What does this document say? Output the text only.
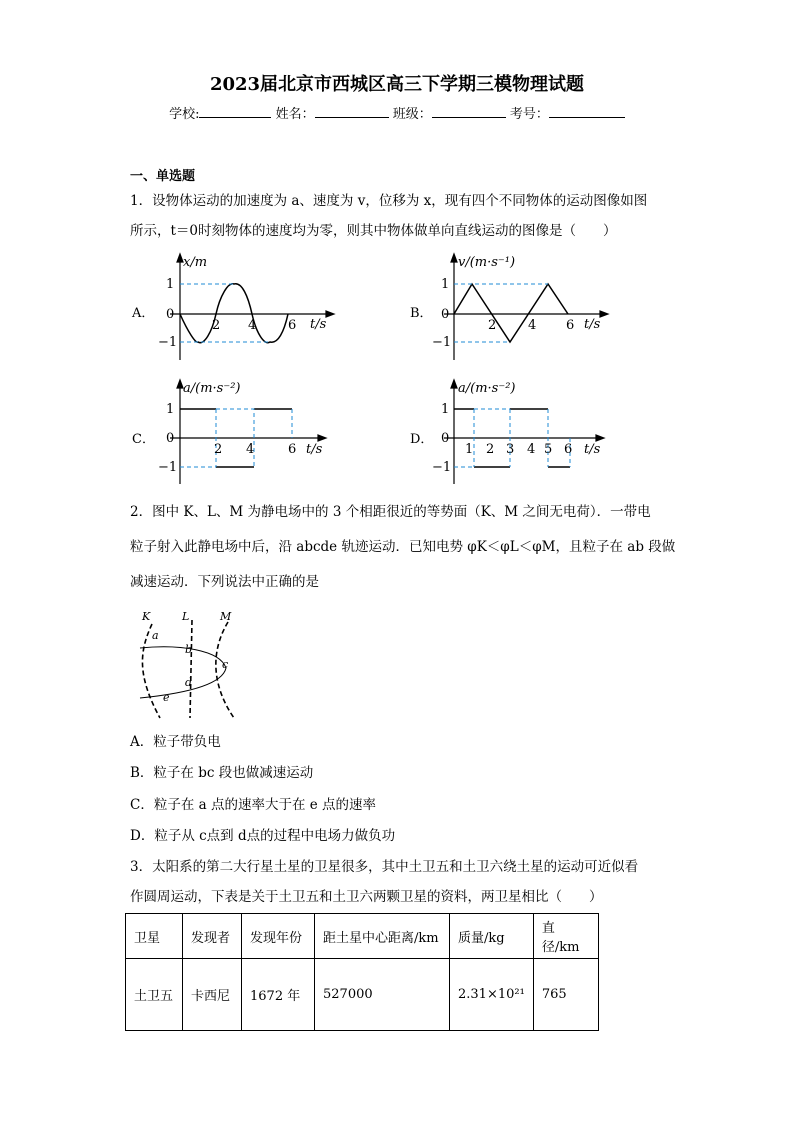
2023届北京市西城区高三下学期三模物理试题
学校:	姓名：	班级：	考号：
一、单选题
1．设物体运动的加速度为 a、速度为 v，位移为 x，现有四个不同物体的运动图像如图
所示，t＝0时刻物体的速度均为零，则其中物体做单向直线运动的图像是（　　）
A．	B．
C．	D．
x/m
t/s
1
0
−1
2 4 6
v/(m·s⁻¹)
t/s
1
0
−1
2 4 6
a/(m·s⁻²)
t/s
1
0
−1
2 4	6
a/(m·s⁻²)
t/s
1
0
−1
1 2 3 4 5 6
2．图中 K、L、M 为静电场中的 3 个相距很近的等势面（K、M 之间无电荷）．一带电
粒子射入此静电场中后，沿 abcde 轨迹运动．已知电势 φK＜φL＜φM，且粒子在 ab 段做
减速运动．下列说法中正确的是
K	L	M
a
b
c
d
e
A．粒子带负电
B．粒子在 bc 段也做减速运动
C．粒子在 a 点的速率大于在 e 点的速率
D．粒子从 c点到 d点的过程中电场力做负功
3．太阳系的第二大行星土星的卫星很多，其中土卫五和土卫六绕土星的运动可近似看
作圆周运动，下表是关于土卫五和土卫六两颗卫星的资料，两卫星相比（　　）
卫星	发现者	发现年份	距土星中心距离/km	质量/kg	直径/km
土卫五	卡西尼	1672 年	527000	2.31×10²¹	765
